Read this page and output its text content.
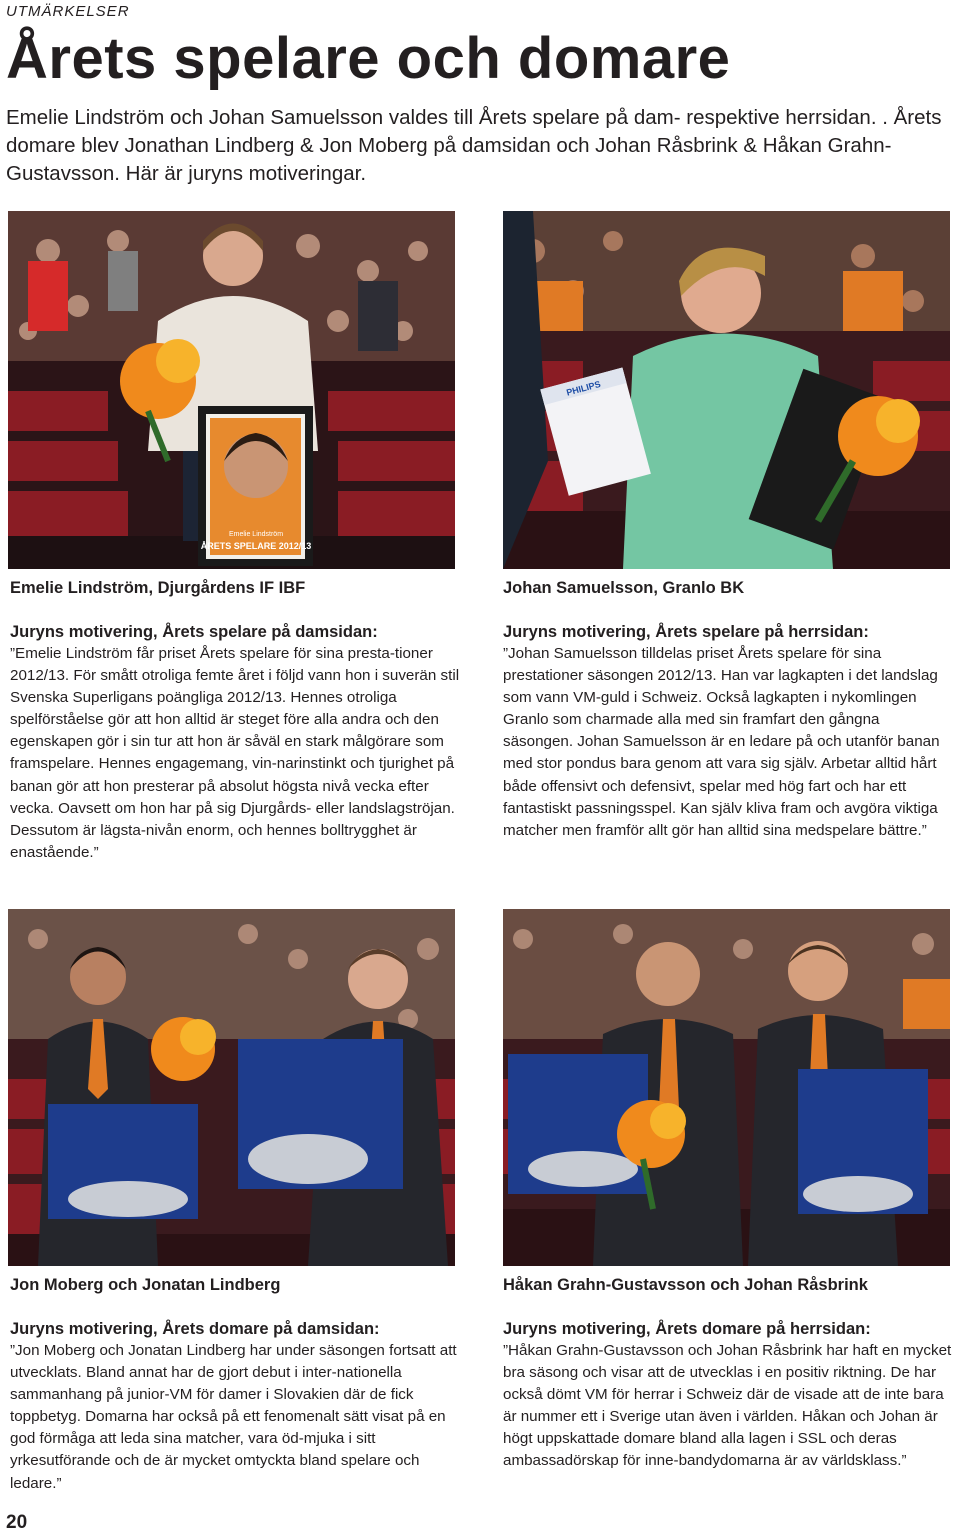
UTMÄRKELSER
Årets spelare och domare

Emelie Lindström och Johan Samuelsson valdes till Årets spelare på dam- respektive herrsidan. . Årets domare blev Jonathan Lindberg & Jon Moberg på damsidan och Johan Råsbrink & Håkan Grahn-Gustavsson. Här är juryns motiveringar.

Emelie Lindström
ÅRETS SPELARE 2012/13
PHILIPS
Emelie Lindström, Djurgårdens IF IBF
Juryns motivering, Årets spelare på damsidan:

”Emelie Lindström får priset Årets spelare för sina presta-tioner 2012/13. För smått otroliga femte året i följd vann hon i suverän stil Svenska Superligans poängliga 2012/13. Hennes otroliga spelförståelse gör att hon alltid är steget före alla andra och den egenskapen gör i sin tur att hon är såväl en stark målgörare som framspelare. Hennes engagemang, vin-narinstinkt och tjurighet på banan gör att hon presterar på absolut högsta nivå vecka efter vecka. Oavsett om hon har på sig Djurgårds- eller landslagströjan. Dessutom är lägsta-nivån enorm, och hennes bolltrygghet är enastående.”

Johan Samuelsson, Granlo BK
Juryns motivering, Årets spelare på herrsidan:

”Johan Samuelsson tilldelas priset Årets spelare för sina prestationer säsongen 2012/13. Han var lagkapten i det landslag som vann VM-guld i Schweiz. Också lagkapten i nykomlingen Granlo som charmade alla med sin framfart den gångna säsongen. Johan Samuelsson är en ledare på och utanför banan med stor pondus bara genom att vara sig själv. Arbetar alltid hårt både offensivt och defensivt, spelar med hög fart och har ett fantastiskt passningsspel. Kan själv kliva fram och avgöra viktiga matcher men framför allt gör han alltid sina medspelare bättre.”

Jon Moberg och Jonatan Lindberg
Juryns motivering, Årets domare på damsidan:

”Jon Moberg och Jonatan Lindberg har under säsongen fortsatt att utvecklats. Bland annat har de gjort debut i inter-nationella sammanhang på junior-VM för damer i Slovakien där de fick toppbetyg. Domarna har också på ett fenomenalt sätt visat på en god förmåga att leda sina matcher, vara öd-mjuka i sitt yrkesutförande och de är mycket omtyckta bland spelare och ledare.”

Håkan Grahn-Gustavsson och Johan Råsbrink
Juryns motivering, Årets domare på herrsidan:

”Håkan Grahn-Gustavsson och Johan Råsbrink har haft en mycket bra säsong och visar att de utvecklas i en positiv riktning. De har också dömt VM för herrar i Schweiz där de visade att de inte bara är nummer ett i Sverige utan även i världen. Håkan och Johan är högt uppskattade domare bland alla lagen i SSL och deras ambassadörskap för inne-bandydomarna är av världsklass.”

20
